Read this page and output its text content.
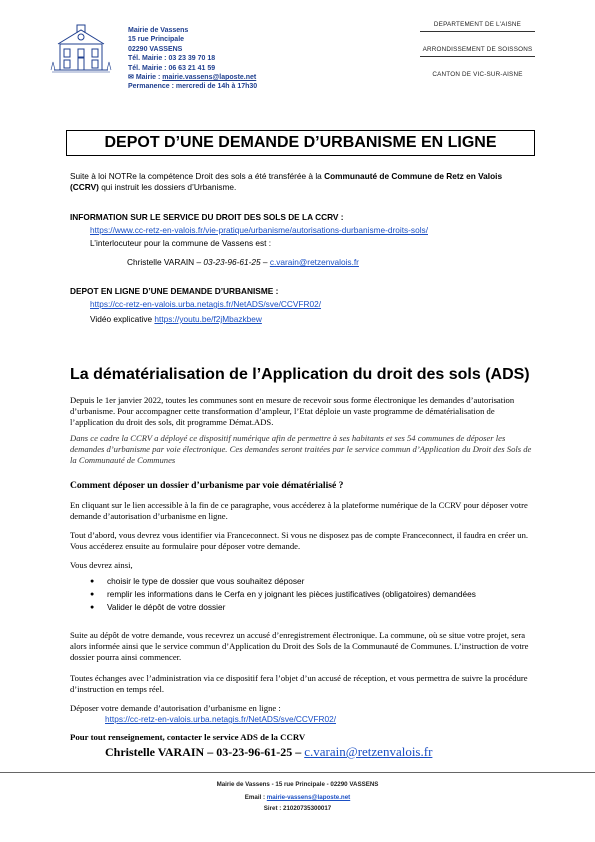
Mairie de Vassens
15 rue Principale
02290 VASSENS
Tél. Mairie : 03 23 39 70 18
Tél. Mairie : 06 63 21 41 59
✉ Mairie : mairie.vassens@laposte.net
Permanence : mercredi de 14h à 17h30
DEPARTEMENT DE L'AISNE
ARRONDISSEMENT DE SOISSONS
CANTON DE VIC-SUR-AISNE
DEPOT D’UNE DEMANDE D’URBANISME EN LIGNE
Suite à loi NOTRe la compétence Droit des sols a été transférée à la Communauté de Commune de Retz en Valois (CCRV) qui instruit les dossiers d’Urbanisme.
INFORMATION SUR LE SERVICE DU DROIT DES SOLS DE LA CCRV :
https://www.cc-retz-en-valois.fr/vie-pratique/urbanisme/autorisations-durbanisme-droits-sols/
L’interlocuteur pour la commune de Vassens est :
Christelle VARAIN – 03-23-96-61-25 – c.varain@retzenvalois.fr
DEPOT EN LIGNE D’UNE DEMANDE D’URBANISME :
https://cc-retz-en-valois.urba.netagis.fr/NetADS/sve/CCVFR02/
Vidéo explicative https://youtu.be/f2jMbazkbew
La dématérialisation de l’Application du droit des sols (ADS)
Depuis le 1er janvier 2022, toutes les communes sont en mesure de recevoir sous forme électronique les demandes d’autorisation d’urbanisme. Pour accompagner cette transformation d’ampleur, l’Etat déploie un vaste programme de dématérialisation de l’application du droit des sols, dit programme Démat.ADS.
Dans ce cadre la CCRV a déployé ce dispositif numérique afin de permettre à ses habitants et ses 54 communes de déposer les demandes d’urbanisme par voie électronique. Ces demandes seront traitées par le service commun d’Application du Droit des Sols de la Communauté de Communes
Comment déposer un dossier d’urbanisme par voie dématérialisé ?
En cliquant sur le lien accessible à la fin de ce paragraphe, vous accéderez à la plateforme numérique de la CCRV pour déposer votre demande d’autorisation d’urbanisme en ligne.
Tout d’abord, vous devrez vous identifier via Franceconnect. Si vous ne disposez pas de compte Franceconnect, il faudra en créer un. Vous accéderez ensuite au formulaire pour déposer votre demande.
Vous devrez ainsi,
●	choisir le type de dossier que vous souhaitez déposer
●	remplir les informations dans le Cerfa en y joignant les pièces justificatives (obligatoires) demandées
●	Valider le dépôt de votre dossier
Suite au dépôt de votre demande, vous recevrez un accusé d’enregistrement électronique. La commune, où se situe votre projet, sera alors informée ainsi que le service commun d’Application du Droit des Sols de la Communauté de Communes. L’instruction de votre dossier pourra ainsi commencer.
Toutes échanges avec l’administration via ce dispositif fera l’objet d’un accusé de réception, et vous permettra de suivre la procédure d’instruction en temps réel.
Déposer votre demande d’autorisation d’urbanisme en ligne :
https://cc-retz-en-valois.urba.netagis.fr/NetADS/sve/CCVFR02/
Pour tout renseignement, contacter le service ADS de la CCRV
Christelle VARAIN – 03-23-96-61-25 – c.varain@retzenvalois.fr
Mairie de Vassens - 15 rue Principale - 02290 VASSENS
Email : mairie-vassens@laposte.net
Siret : 21020735300017
